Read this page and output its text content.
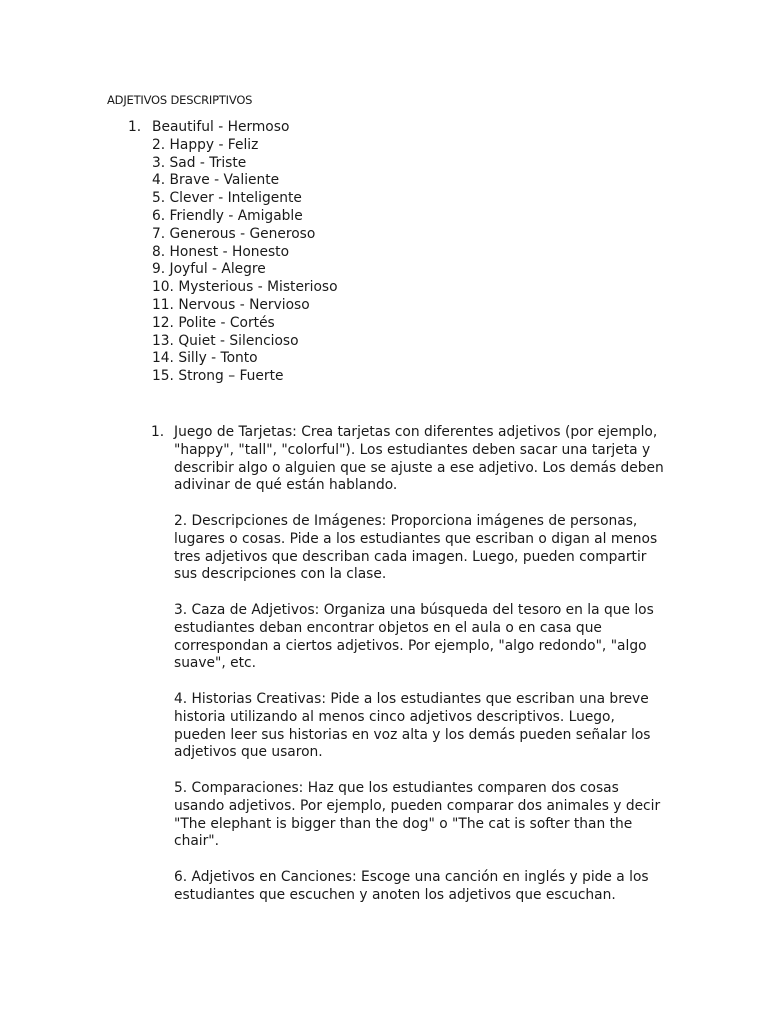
ADJETIVOS DESCRIPTIVOS
1. Beautiful - Hermoso
2. Happy - Feliz
3. Sad - Triste
4. Brave - Valiente
5. Clever - Inteligente
6. Friendly - Amigable
7. Generous - Generoso
8. Honest - Honesto
9. Joyful - Alegre
10. Mysterious - Misterioso
11. Nervous - Nervioso
12. Polite - Cortés
13. Quiet - Silencioso
14. Silly - Tonto
15. Strong – Fuerte
1. Juego de Tarjetas: Crea tarjetas con diferentes adjetivos (por ejemplo, "happy", "tall", "colorful"). Los estudiantes deben sacar una tarjeta y describir algo o alguien que se ajuste a ese adjetivo. Los demás deben adivinar de qué están hablando.
2. Descripciones de Imágenes: Proporciona imágenes de personas, lugares o cosas. Pide a los estudiantes que escriban o digan al menos tres adjetivos que describan cada imagen. Luego, pueden compartir sus descripciones con la clase.
3. Caza de Adjetivos: Organiza una búsqueda del tesoro en la que los estudiantes deban encontrar objetos en el aula o en casa que correspondan a ciertos adjetivos. Por ejemplo, "algo redondo", "algo suave", etc.
4. Historias Creativas: Pide a los estudiantes que escriban una breve historia utilizando al menos cinco adjetivos descriptivos. Luego, pueden leer sus historias en voz alta y los demás pueden señalar los adjetivos que usaron.
5. Comparaciones: Haz que los estudiantes comparen dos cosas usando adjetivos. Por ejemplo, pueden comparar dos animales y decir "The elephant is bigger than the dog" o "The cat is softer than the chair".
6. Adjetivos en Canciones: Escoge una canción en inglés y pide a los estudiantes que escuchen y anoten los adjetivos que escuchan.
